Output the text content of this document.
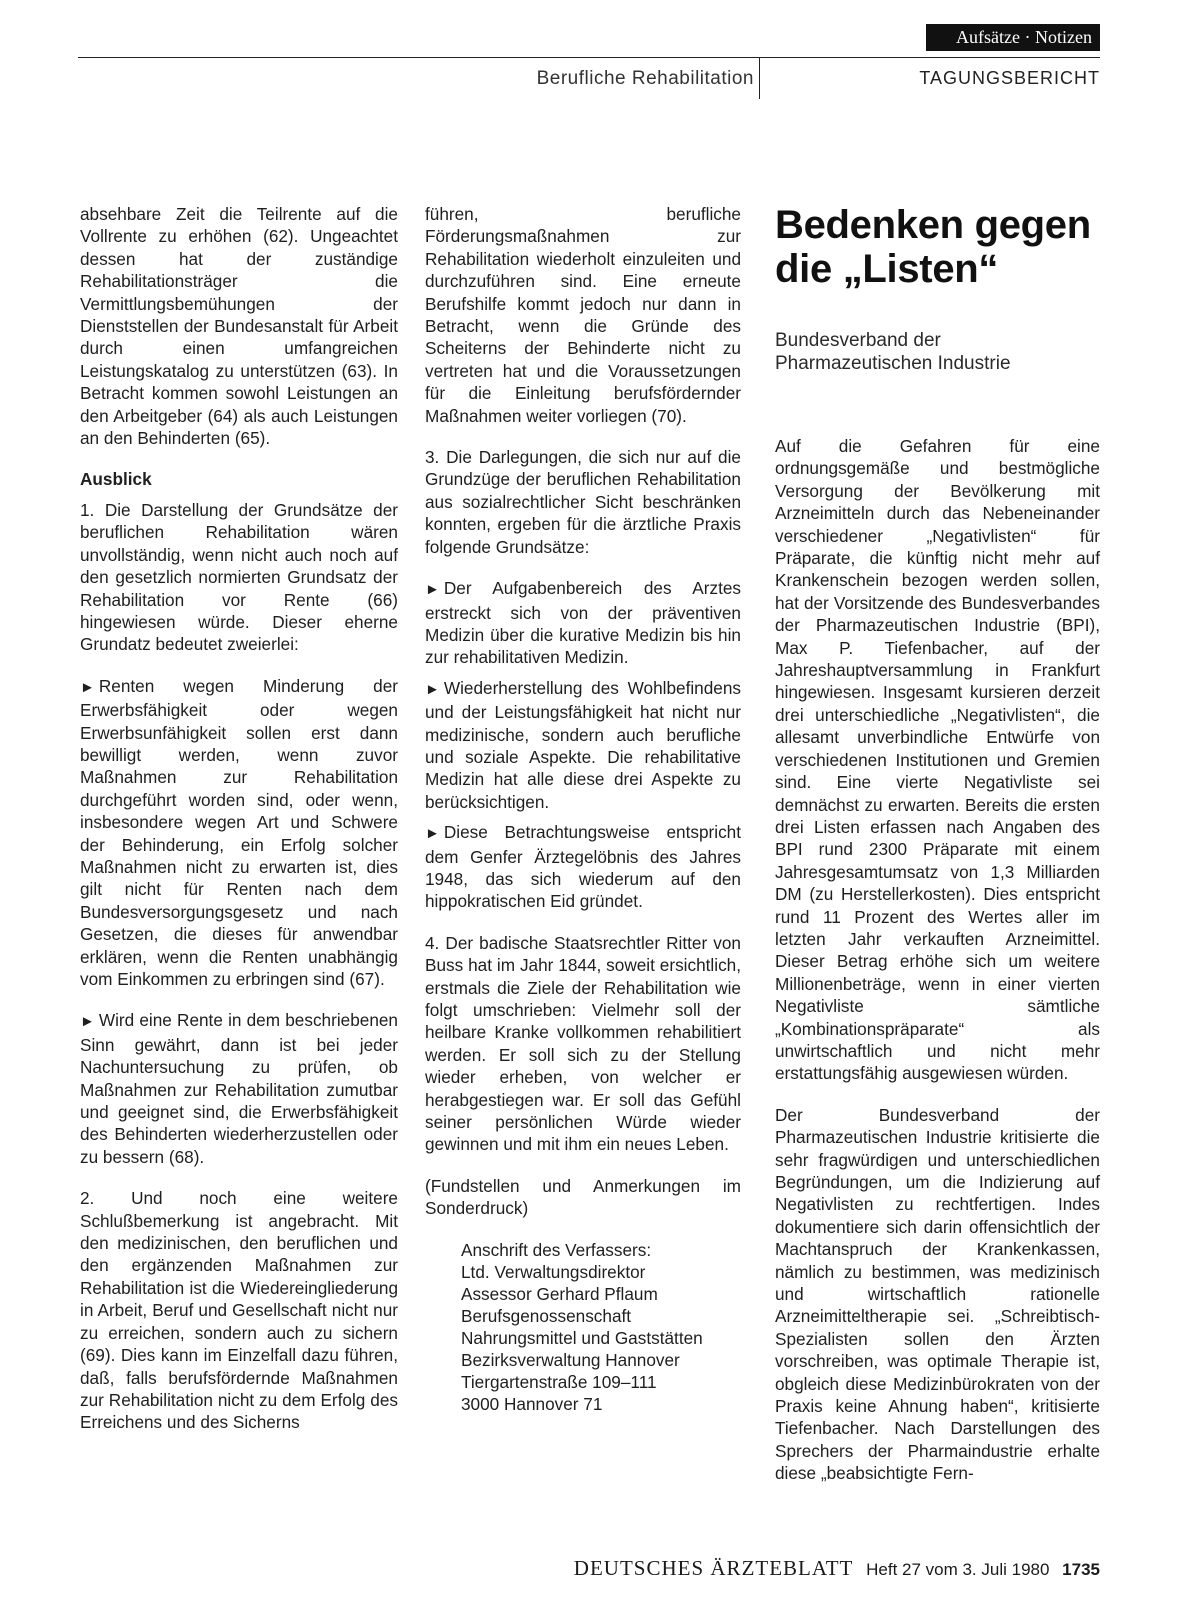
Aufsätze · Notizen
Berufliche Rehabilitation	TAGUNGSBERICHT

absehbare Zeit die Teilrente auf die Vollrente zu erhöhen (62). Ungeachtet dessen hat der zuständige Rehabilitationsträger die Vermittlungsbemühungen der Dienststellen der Bundesanstalt für Arbeit durch einen umfangreichen Leistungskatalog zu unterstützen (63). In Betracht kommen sowohl Leistungen an den Arbeitgeber (64) als auch Leistungen an den Behinderten (65).

Ausblick

1. Die Darstellung der Grundsätze der beruflichen Rehabilitation wären unvollständig, wenn nicht auch noch auf den gesetzlich normierten Grundsatz der Rehabilitation vor Rente (66) hingewiesen würde. Dieser eherne Grundatz bedeutet zweierlei:

► Renten wegen Minderung der Erwerbsfähigkeit oder wegen Erwerbsunfähigkeit sollen erst dann bewilligt werden, wenn zuvor Maßnahmen zur Rehabilitation durchgeführt worden sind, oder wenn, insbesondere wegen Art und Schwere der Behinderung, ein Erfolg solcher Maßnahmen nicht zu erwarten ist, dies gilt nicht für Renten nach dem Bundesversorgungsgesetz und nach Gesetzen, die dieses für anwendbar erklären, wenn die Renten unabhängig vom Einkommen zu erbringen sind (67).

► Wird eine Rente in dem beschriebenen Sinn gewährt, dann ist bei jeder Nachuntersuchung zu prüfen, ob Maßnahmen zur Rehabilitation zumutbar und geeignet sind, die Erwerbsfähigkeit des Behinderten wiederherzustellen oder zu bessern (68).

2. Und noch eine weitere Schlußbemerkung ist angebracht. Mit den medizinischen, den beruflichen und den ergänzenden Maßnahmen zur Rehabilitation ist die Wiedereingliederung in Arbeit, Beruf und Gesellschaft nicht nur zu erreichen, sondern auch zu sichern (69). Dies kann im Einzelfall dazu führen, daß, falls berufsfördernde Maßnahmen zur Rehabilitation nicht zu dem Erfolg des Erreichens und des Sicherns

führen, berufliche Förderungsmaßnahmen zur Rehabilitation wiederholt einzuleiten und durchzuführen sind. Eine erneute Berufshilfe kommt jedoch nur dann in Betracht, wenn die Gründe des Scheiterns der Behinderte nicht zu vertreten hat und die Voraussetzungen für die Einleitung berufsfördernder Maßnahmen weiter vorliegen (70).

3. Die Darlegungen, die sich nur auf die Grundzüge der beruflichen Rehabilitation aus sozialrechtlicher Sicht beschränken konnten, ergeben für die ärztliche Praxis folgende Grundsätze:

► Der Aufgabenbereich des Arztes erstreckt sich von der präventiven Medizin über die kurative Medizin bis hin zur rehabilitativen Medizin.

► Wiederherstellung des Wohlbefindens und der Leistungsfähigkeit hat nicht nur medizinische, sondern auch berufliche und soziale Aspekte. Die rehabilitative Medizin hat alle diese drei Aspekte zu berücksichtigen.

► Diese Betrachtungsweise entspricht dem Genfer Ärztegelöbnis des Jahres 1948, das sich wiederum auf den hippokratischen Eid gründet.

4. Der badische Staatsrechtler Ritter von Buss hat im Jahr 1844, soweit ersichtlich, erstmals die Ziele der Rehabilitation wie folgt umschrieben: Vielmehr soll der heilbare Kranke vollkommen rehabilitiert werden. Er soll sich zu der Stellung wieder erheben, von welcher er herabgestiegen war. Er soll das Gefühl seiner persönlichen Würde wieder gewinnen und mit ihm ein neues Leben.

(Fundstellen und Anmerkungen im Sonderdruck)

Anschrift des Verfassers:
Ltd. Verwaltungsdirektor
Assessor Gerhard Pflaum
Berufsgenossenschaft
Nahrungsmittel und Gaststätten
Bezirksverwaltung Hannover
Tiergartenstraße 109–111
3000 Hannover 71
Bedenken gegen die „Listen“
Bundesverband der Pharmazeutischen Industrie

Auf die Gefahren für eine ordnungsgemäße und bestmögliche Versorgung der Bevölkerung mit Arzneimitteln durch das Nebeneinander verschiedener „Negativlisten“ für Präparate, die künftig nicht mehr auf Krankenschein bezogen werden sollen, hat der Vorsitzende des Bundesverbandes der Pharmazeutischen Industrie (BPI), Max P. Tiefenbacher, auf der Jahreshauptversammlung in Frankfurt hingewiesen. Insgesamt kursieren derzeit drei unterschiedliche „Negativlisten“, die allesamt unverbindliche Entwürfe von verschiedenen Institutionen und Gremien sind. Eine vierte Negativliste sei demnächst zu erwarten. Bereits die ersten drei Listen erfassen nach Angaben des BPI rund 2300 Präparate mit einem Jahresgesamtumsatz von 1,3 Milliarden DM (zu Herstellerkosten). Dies entspricht rund 11 Prozent des Wertes aller im letzten Jahr verkauften Arzneimittel. Dieser Betrag erhöhe sich um weitere Millionenbeträge, wenn in einer vierten Negativliste sämtliche „Kombinationspräparate“ als unwirtschaftlich und nicht mehr erstattungsfähig ausgewiesen würden.

Der Bundesverband der Pharmazeutischen Industrie kritisierte die sehr fragwürdigen und unterschiedlichen Begründungen, um die Indizierung auf Negativlisten zu rechtfertigen. Indes dokumentiere sich darin offensichtlich der Machtanspruch der Krankenkassen, nämlich zu bestimmen, was medizinisch und wirtschaftlich rationelle Arzneimitteltherapie sei. „Schreibtisch-Spezialisten sollen den Ärzten vorschreiben, was optimale Therapie ist, obgleich diese Medizinbürokraten von der Praxis keine Ahnung haben“, kritisierte Tiefenbacher. Nach Darstellungen des Sprechers der Pharmaindustrie erhalte diese „beabsichtigte Fern-

DEUTSCHES ÄRZTEBLATT Heft 27 vom 3. Juli 1980 1735
